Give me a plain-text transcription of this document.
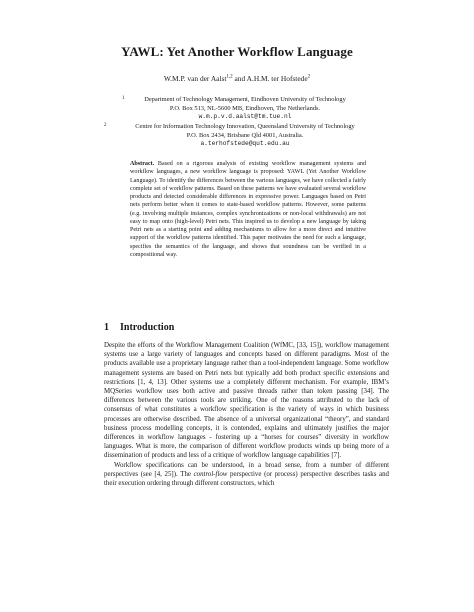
YAWL: Yet Another Workflow Language
W.M.P. van der Aalst$^{1,2}$ and A.H.M. ter Hofstede$^2$
1	Department of Technology Management, Eindhoven University of Technology
P.O. Box 513, NL-5600 MB, Eindhoven, The Netherlands.
w.m.p.v.d.aalst@tm.tue.nl
2	Centre for Information Technology Innovation, Queensland University of Technology
P.O. Box 2434, Brisbane Qld 4001, Australia.
a.terhofstede@qut.edu.au
Abstract. Based on a rigorous analysis of existing workflow management systems and workflow languages, a new workflow language is proposed: YAWL (Yet Another Workflow Language). To identify the differences between the various languages, we have collected a fairly complete set of workflow patterns. Based on these patterns we have evaluated several workflow products and detected considerable differences in expressive power. Languages based on Petri nets perform better when it comes to state-based workflow patterns. However, some patterns (e.g. involving multiple instances, complex synchronizations or non-local withdrawals) are not easy to map onto (high-level) Petri nets. This inspired us to develop a new language by taking Petri nets as a starting point and adding mechanisms to allow for a more direct and intuitive support of the workflow patterns identified. This paper motivates the need for such a language, specifies the semantics of the language, and shows that soundness can be verified in a compositional way.
1 Introduction

Despite the efforts of the Workflow Management Coalition (WfMC, [33, 15]), workflow management systems use a large variety of languages and concepts based on different paradigms. Most of the products available use a proprietary language rather than a tool-independent language. Some workflow management systems are based on Petri nets but typically add both product specific extensions and restrictions [1, 4, 13]. Other systems use a completely different mechanism. For example, IBM’s MQSeries workflow uses both active and passive threads rather than token passing [34]. The differences between the various tools are striking. One of the reasons attributed to the lack of consensus of what constitutes a workflow specification is the variety of ways in which business processes are otherwise described. The absence of a universal organizational “theory”, and standard business process modelling concepts, it is contended, explains and ultimately justifies the major differences in workflow languages - fostering up a “horses for courses” diversity in workflow languages. What is more, the comparison of different workflow products winds up being more of a dissemination of products and less of a critique of workflow language capabilities [7].

Workflow specifications can be understood, in a broad sense, from a number of different perspectives (see [4, 25]). The control-flow perspective (or process) perspective describes tasks and their execution ordering through different constructors, which
